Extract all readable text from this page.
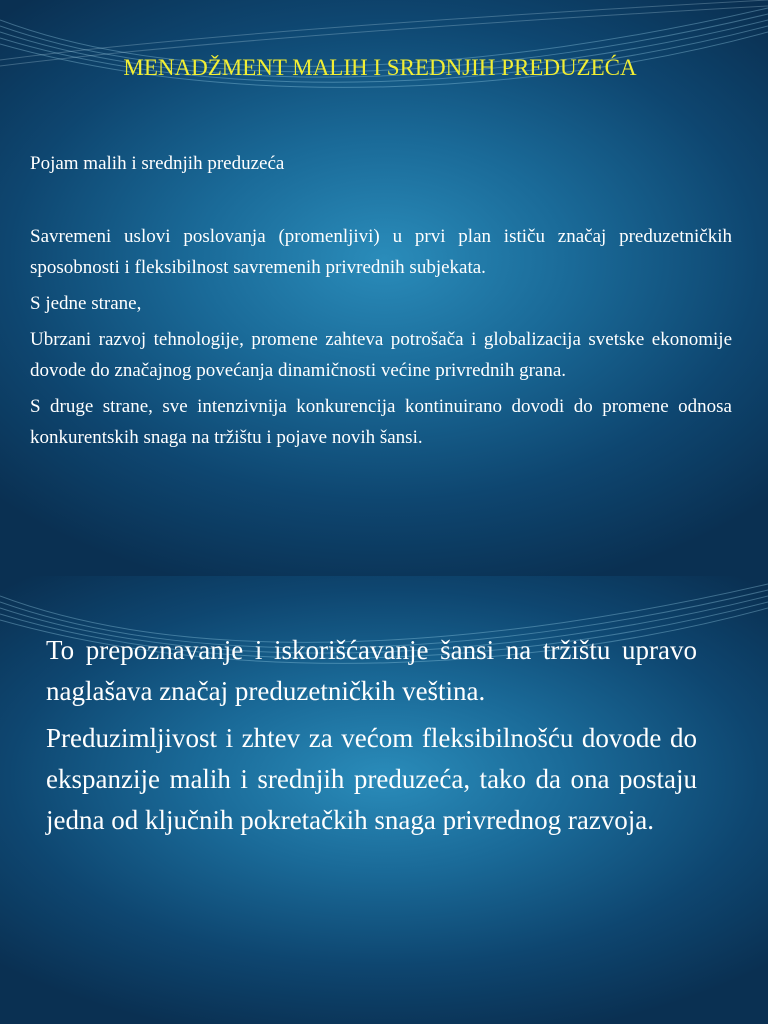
MENADŽMENT MALIH I SREDNJIH PREDUZEĆA
Pojam malih i srednjih preduzeća

Savremeni uslovi poslovanja (promenljivi) u prvi plan ističu značaj preduzetničkih sposobnosti i fleksibilnost savremenih privrednih subjekata.

S jedne strane,

Ubrzani razvoj tehnologije, promene zahteva potrošača i globalizacija svetske ekonomije dovode do značajnog povećanja dinamičnosti većine privrednih grana.

S druge strane, sve intenzivnija konkurencija kontinuirano dovodi do promene odnosa konkurentskih snaga na tržištu i pojave novih šansi.

To prepoznavanje i iskorišćavanje šansi na tržištu upravo naglašava značaj preduzetničkih veština.

Preduzimljivost i zhtev za većom fleksibilnošću dovode do ekspanzije malih i srednjih preduzeća, tako da ona postaju jedna od ključnih pokretačkih snaga privrednog razvoja.
